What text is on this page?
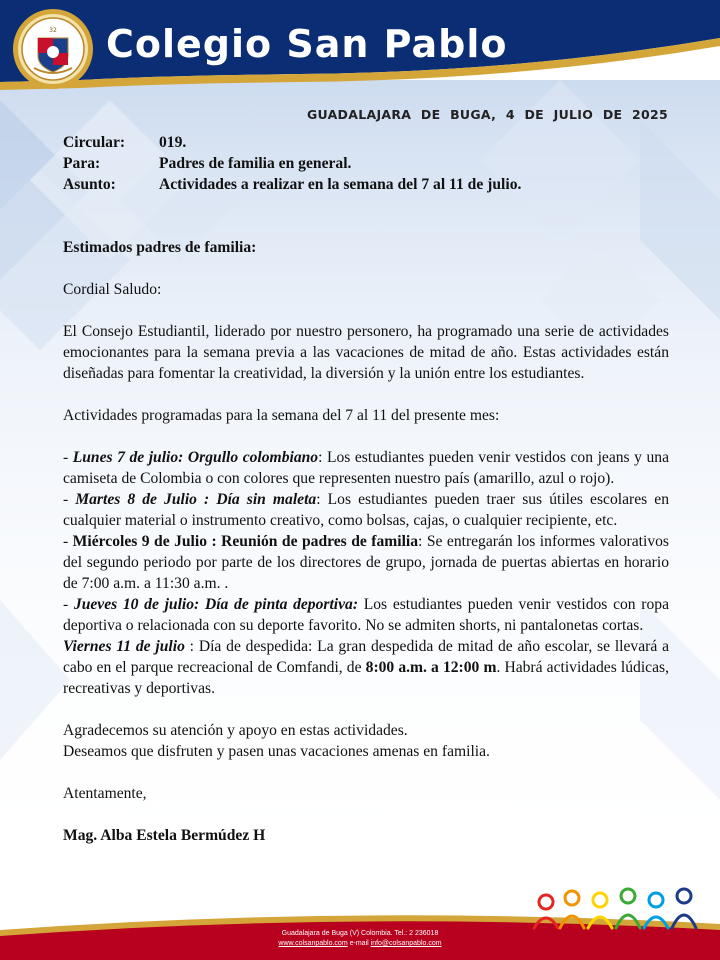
32 Colegio San Pablo
GUADALAJARA DE BUGA, 4 DE JULIO DE 2025
Circular:	019.
Para:	Padres de familia en general.
Asunto:	Actividades a realizar en la semana del 7 al 11 de julio.

Estimados padres de familia:

Cordial Saludo:

El Consejo Estudiantil, liderado por nuestro personero, ha programado una serie de actividades emocionantes para la semana previa a las vacaciones de mitad de año. Estas actividades están diseñadas para fomentar la creatividad, la diversión y la unión entre los estudiantes.

Actividades programadas para la semana del 7 al 11 del presente mes:

- Lunes 7 de julio: Orgullo colombiano: Los estudiantes pueden venir vestidos con jeans y una camiseta de Colombia o con colores que representen nuestro país (amarillo, azul o rojo).

- Martes 8 de Julio : Día sin maleta: Los estudiantes pueden traer sus útiles escolares en cualquier material o instrumento creativo, como bolsas, cajas, o cualquier recipiente, etc.

- Miércoles 9 de Julio : Reunión de padres de familia: Se entregarán los informes valorativos del segundo periodo por parte de los directores de grupo, jornada de puertas abiertas en horario de 7:00 a.m. a 11:30 a.m. .

- Jueves 10 de julio: Día de pinta deportiva: Los estudiantes pueden venir vestidos con ropa deportiva o relacionada con su deporte favorito. No se admiten shorts, ni pantalonetas cortas.

Viernes 11 de julio : Día de despedida: La gran despedida de mitad de año escolar, se llevará a cabo en el parque recreacional de Comfandi, de 8:00 a.m. a 12:00 m. Habrá actividades lúdicas, recreativas y deportivas.

Agradecemos su atención y apoyo en estas actividades.

Deseamos que disfruten y pasen unas vacaciones amenas en familia.

Atentamente,

Mag. Alba Estela Bermúdez H

Guadalajara de Buga (V) Colombia. Tel.: 2 236018
www.colsanpablo.com e-mail info@colsanpablo.com
